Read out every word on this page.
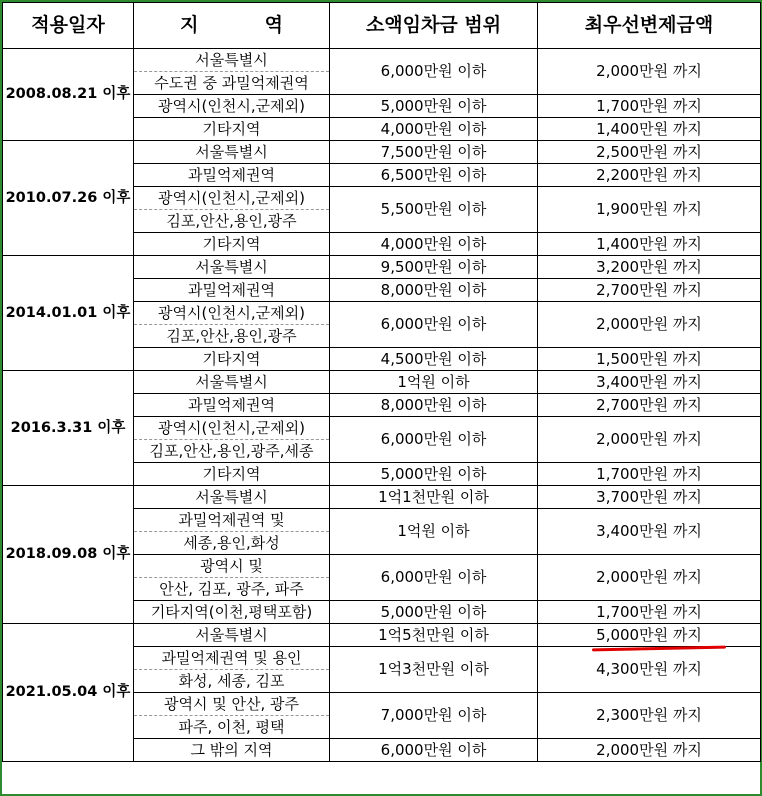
적용일자	지          역	소액임차금 범위	최우선변제금액
2008.08.21 이후	서울특별시	6,000만원 이하	2,000만원 까지
	수도권 중 과밀억제권역		
	광역시(인천시,군제외)	5,000만원 이하	1,700만원 까지
	기타지역	4,000만원 이하	1,400만원 까지
2010.07.26 이후	서울특별시	7,500만원 이하	2,500만원 까지
	과밀억제권역	6,500만원 이하	2,200만원 까지
	광역시(인천시,군제외)	5,500만원 이하	1,900만원 까지
	김포,안산,용인,광주		
	기타지역	4,000만원 이하	1,400만원 까지
2014.01.01 이후	서울특별시	9,500만원 이하	3,200만원 까지
	과밀억제권역	8,000만원 이하	2,700만원 까지
	광역시(인천시,군제외)	6,000만원 이하	2,000만원 까지
	김포,안산,용인,광주		
	기타지역	4,500만원 이하	1,500만원 까지
2016.3.31 이후	서울특별시	1억원 이하	3,400만원 까지
	과밀억제권역	8,000만원 이하	2,700만원 까지
	광역시(인천시,군제외)	6,000만원 이하	2,000만원 까지
	김포,안산,용인,광주,세종		
	기타지역	5,000만원 이하	1,700만원 까지
2018.09.08 이후	서울특별시	1억1천만원 이하	3,700만원 까지
	과밀억제권역 및	1억원 이하	3,400만원 까지
	세종,용인,화성		
	광역시 및	6,000만원 이하	2,000만원 까지
	안산, 김포, 광주, 파주		
	기타지역(이천,평택포함)	5,000만원 이하	1,700만원 까지
2021.05.04 이후	서울특별시	1억5천만원 이하	5,000만원 까지
	과밀억제권역 및 용인	1억3천만원 이하	4,300만원 까지
	화성, 세종, 김포		
	광역시 및 안산, 광주	7,000만원 이하	2,300만원 까지
	파주, 이천, 평택		
	그 밖의 지역	6,000만원 이하	2,000만원 까지
